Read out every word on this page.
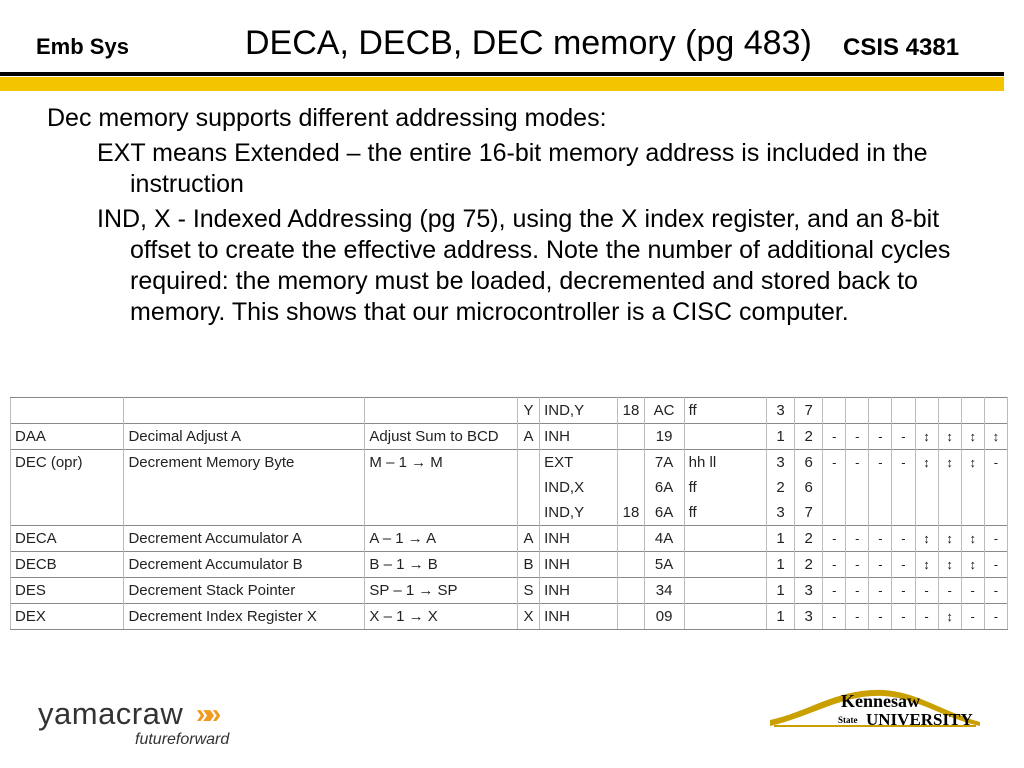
Emb Sys	DECA, DECB, DEC memory (pg 483) CSIS 4381

Dec memory supports different addressing modes:

EXT means Extended – the entire 16-bit memory address is included in the instruction

IND, X - Indexed Addressing (pg 75), using the X index register, and an 8-bit offset to create the effective address. Note the number of additional cycles required: the memory must be loaded, decremented and stored back to memory. This shows that our microcontroller is a CISC computer.

			Y	IND,Y	18	AC	ff	3	7								
DAA	Decimal Adjust A	Adjust Sum to BCD	A	INH		19		1	2	-	-	-	-	↕	↕	↕	↕
DEC (opr)	Decrement Memory Byte	M – 1 → M		EXT		7A	hh ll	3	6	-	-	-	-	↕	↕	↕	-
				IND,X		6A	ff	2	6								
				IND,Y	18	6A	ff	3	7								
DECA	Decrement Accumulator A	A – 1 → A	A	INH		4A		1	2	-	-	-	-	↕	↕	↕	-
DECB	Decrement Accumulator B	B – 1 → B	B	INH		5A		1	2	-	-	-	-	↕	↕	↕	-
DES	Decrement Stack Pointer	SP – 1 → SP	S	INH		34		1	3	-	-	-	-	-	-	-	-
DEX	Decrement Index Register X	X – 1 → X	X	INH		09		1	3	-	-	-	-	-	↕	-	-
yamacraw »»
futureforward
Kennesaw
State UNIVERSITY
